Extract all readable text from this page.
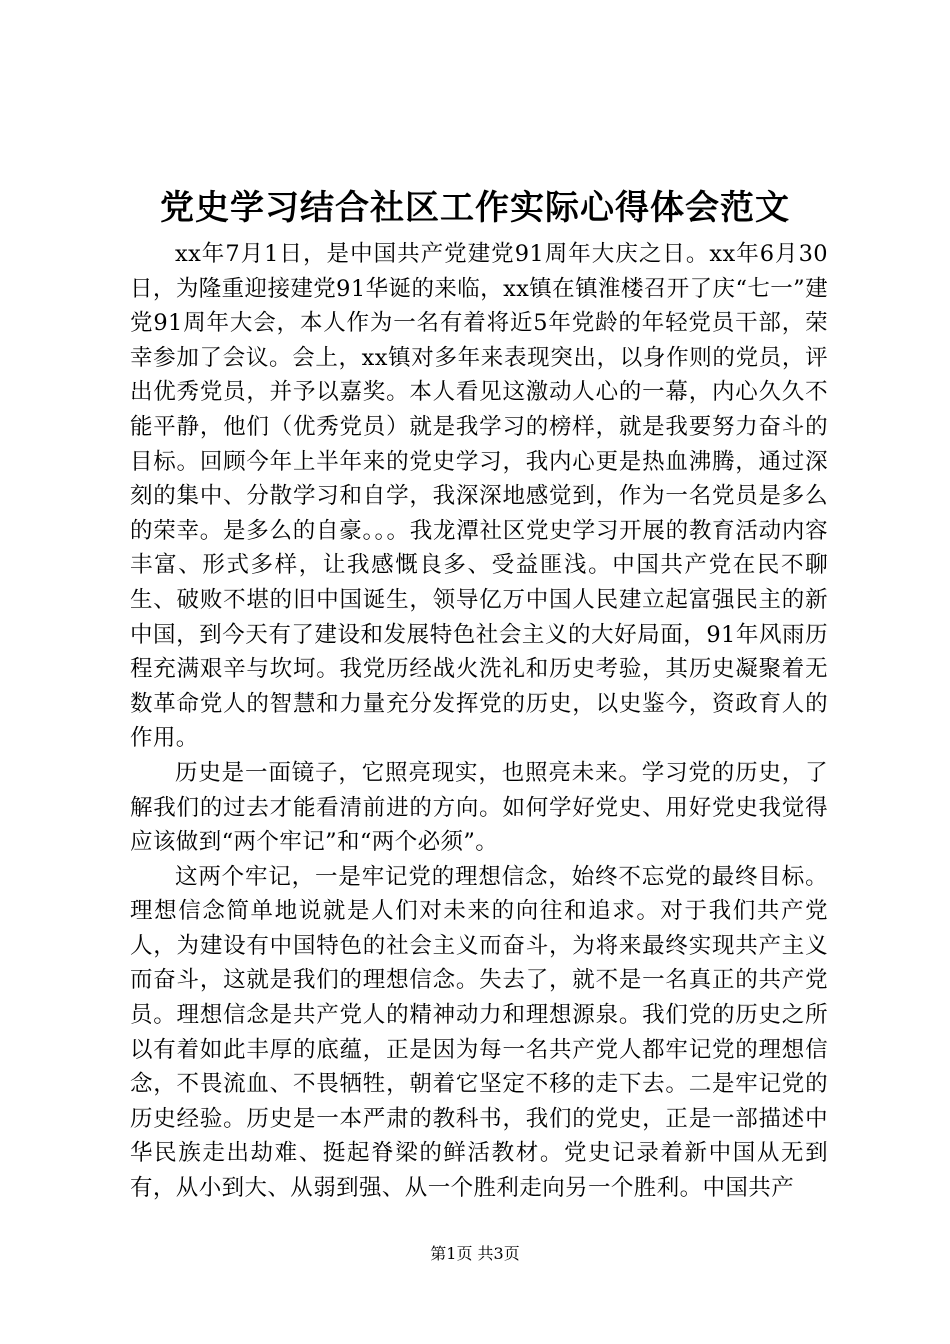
党史学习结合社区工作实际心得体会范文

xx年7月1日，是中国共产党建党91周年大庆之日。xx年6月30日，为隆重迎接建党91华诞的来临，xx镇在镇淮楼召开了庆“七一”建党91周年大会，本人作为一名有着将近5年党龄的年轻党员干部，荣幸参加了会议。会上，xx镇对多年来表现突出，以身作则的党员，评出优秀党员，并予以嘉奖。本人看见这激动人心的一幕，内心久久不能平静，他们（优秀党员）就是我学习的榜样，就是我要努力奋斗的目标。回顾今年上半年来的党史学习，我内心更是热血沸腾，通过深刻的集中、分散学习和自学，我深深地感觉到，作为一名党员是多么的荣幸。是多么的自豪。。。我龙潭社区党史学习开展的教育活动内容丰富、形式多样，让我感慨良多、受益匪浅。中国共产党在民不聊生、破败不堪的旧中国诞生，领导亿万中国人民建立起富强民主的新中国，到今天有了建设和发展特色社会主义的大好局面，91年风雨历程充满艰辛与坎坷。我党历经战火洗礼和历史考验，其历史凝聚着无数革命党人的智慧和力量充分发挥党的历史，以史鉴今，资政育人的作用。

历史是一面镜子，它照亮现实，也照亮未来。学习党的历史，了解我们的过去才能看清前进的方向。如何学好党史、用好党史我觉得应该做到“两个牢记”和“两个必须”。

这两个牢记，一是牢记党的理想信念，始终不忘党的最终目标。理想信念简单地说就是人们对未来的向往和追求。对于我们共产党人，为建设有中国特色的社会主义而奋斗，为将来最终实现共产主义而奋斗，这就是我们的理想信念。失去了，就不是一名真正的共产党员。理想信念是共产党人的精神动力和理想源泉。我们党的历史之所以有着如此丰厚的底蕴，正是因为每一名共产党人都牢记党的理想信念，不畏流血、不畏牺牲，朝着它坚定不移的走下去。二是牢记党的历史经验。历史是一本严肃的教科书，我们的党史，正是一部描述中华民族走出劫难、挺起脊梁的鲜活教材。党史记录着新中国从无到有，从小到大、从弱到强、从一个胜利走向另一个胜利。中国共产

第1页 共3页
